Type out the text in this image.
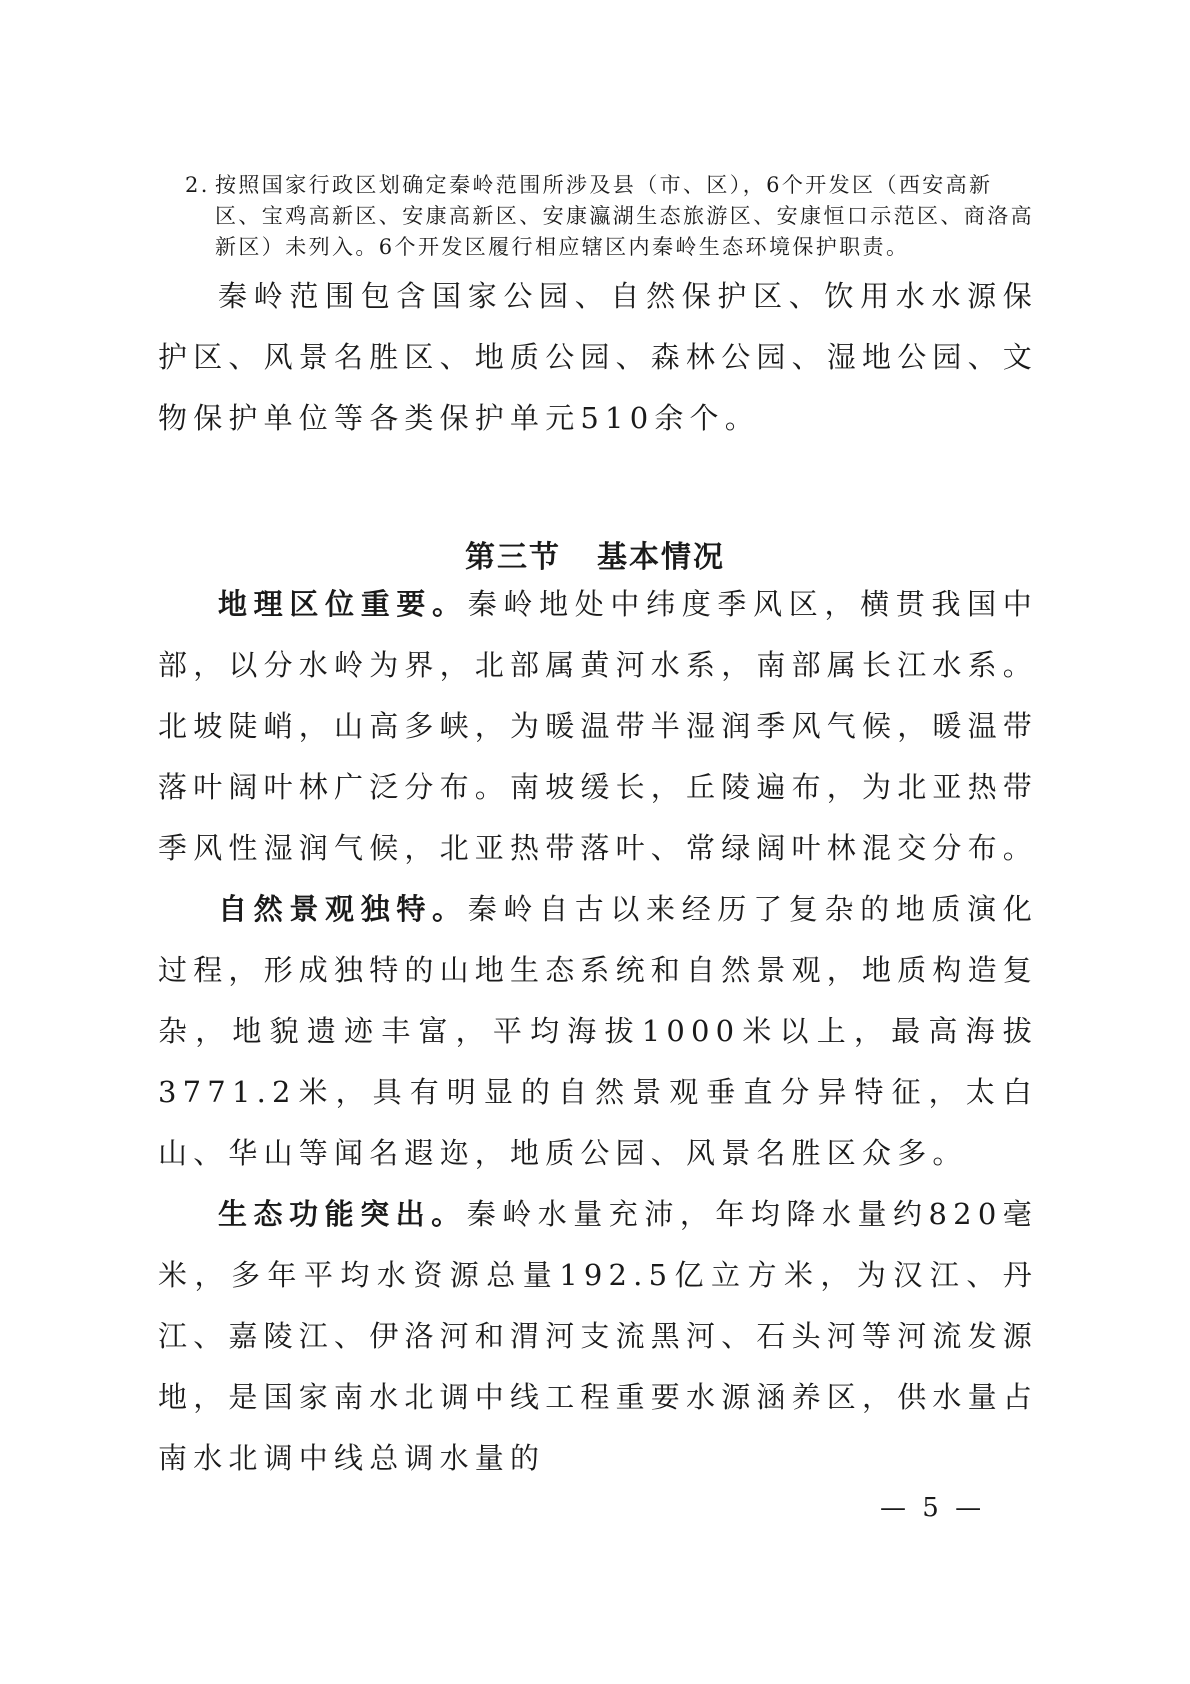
2. 按照国家行政区划确定秦岭范围所涉及县（市、区），6个开发区（西安高新区、宝鸡高新区、安康高新区、安康瀛湖生态旅游区、安康恒口示范区、商洛高新区）未列入。6个开发区履行相应辖区内秦岭生态环境保护职责。

秦岭范围包含国家公园、自然保护区、饮用水水源保护区、风景名胜区、地质公园、森林公园、湿地公园、文物保护单位等各类保护单元510余个。

第三节 基本情况

地理区位重要。秦岭地处中纬度季风区，横贯我国中部，以分水岭为界，北部属黄河水系，南部属长江水系。北坡陡峭，山高多峡，为暖温带半湿润季风气候，暖温带落叶阔叶林广泛分布。南坡缓长，丘陵遍布，为北亚热带季风性湿润气候，北亚热带落叶、常绿阔叶林混交分布。

自然景观独特。秦岭自古以来经历了复杂的地质演化过程，形成独特的山地生态系统和自然景观，地质构造复杂，地貌遗迹丰富，平均海拔1000米以上，最高海拔3771.2米，具有明显的自然景观垂直分异特征，太白山、华山等闻名遐迩，地质公园、风景名胜区众多。

生态功能突出。秦岭水量充沛，年均降水量约820毫米，多年平均水资源总量192.5亿立方米，为汉江、丹江、嘉陵江、伊洛河和渭河支流黑河、石头河等河流发源地，是国家南水北调中线工程重要水源涵养区，供水量占南水北调中线总调水量的

— 5 —
